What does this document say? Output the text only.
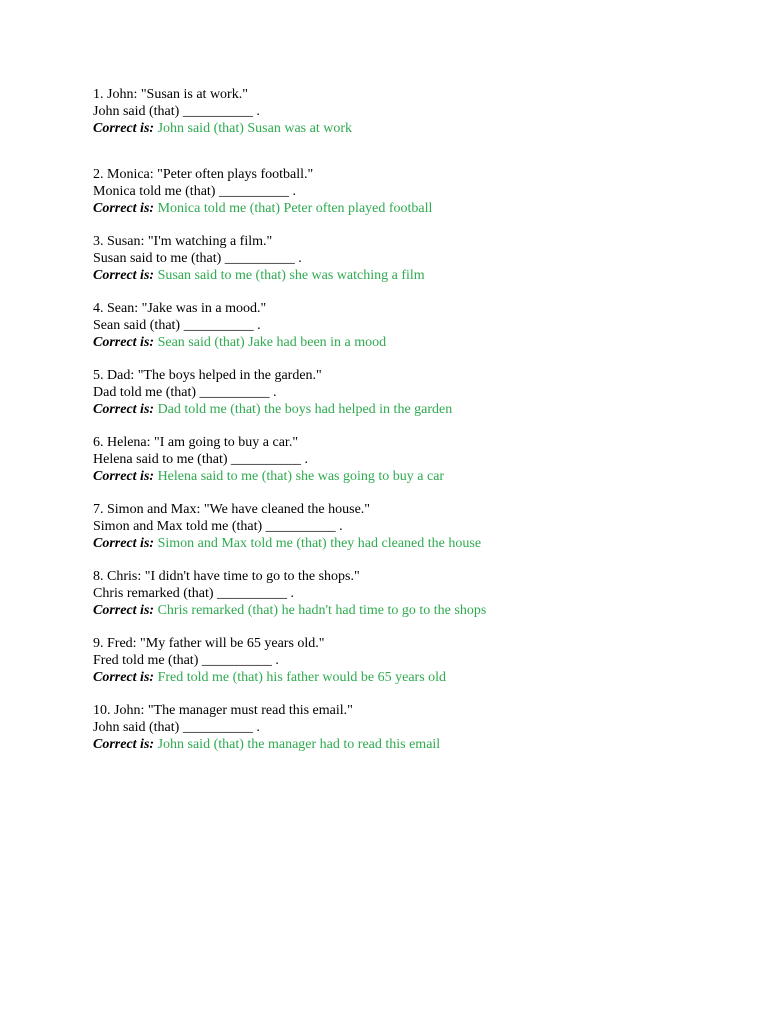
1. John: "Susan is at work."
John said (that) __________ .
Correct is: John said (that) Susan was at work
2. Monica: "Peter often plays football."
Monica told me (that) __________ .
Correct is: Monica told me (that) Peter often played football
3. Susan: "I'm watching a film."
Susan said to me (that) __________ .
Correct is: Susan said to me (that) she was watching a film
4. Sean: "Jake was in a mood."
Sean said (that) __________ .
Correct is: Sean said (that) Jake had been in a mood
5. Dad: "The boys helped in the garden."
Dad told me (that) __________ .
Correct is: Dad told me (that) the boys had helped in the garden
6. Helena: "I am going to buy a car."
Helena said to me (that) __________ .
Correct is: Helena said to me (that) she was going to buy a car
7. Simon and Max: "We have cleaned the house."
Simon and Max told me (that) __________ .
Correct is: Simon and Max told me (that) they had cleaned the house
8. Chris: "I didn't have time to go to the shops."
Chris remarked (that) __________ .
Correct is: Chris remarked (that) he hadn't had time to go to the shops
9. Fred: "My father will be 65 years old."
Fred told me (that) __________ .
Correct is: Fred told me (that) his father would be 65 years old
10. John: "The manager must read this email."
John said (that) __________ .
Correct is: John said (that) the manager had to read this email
